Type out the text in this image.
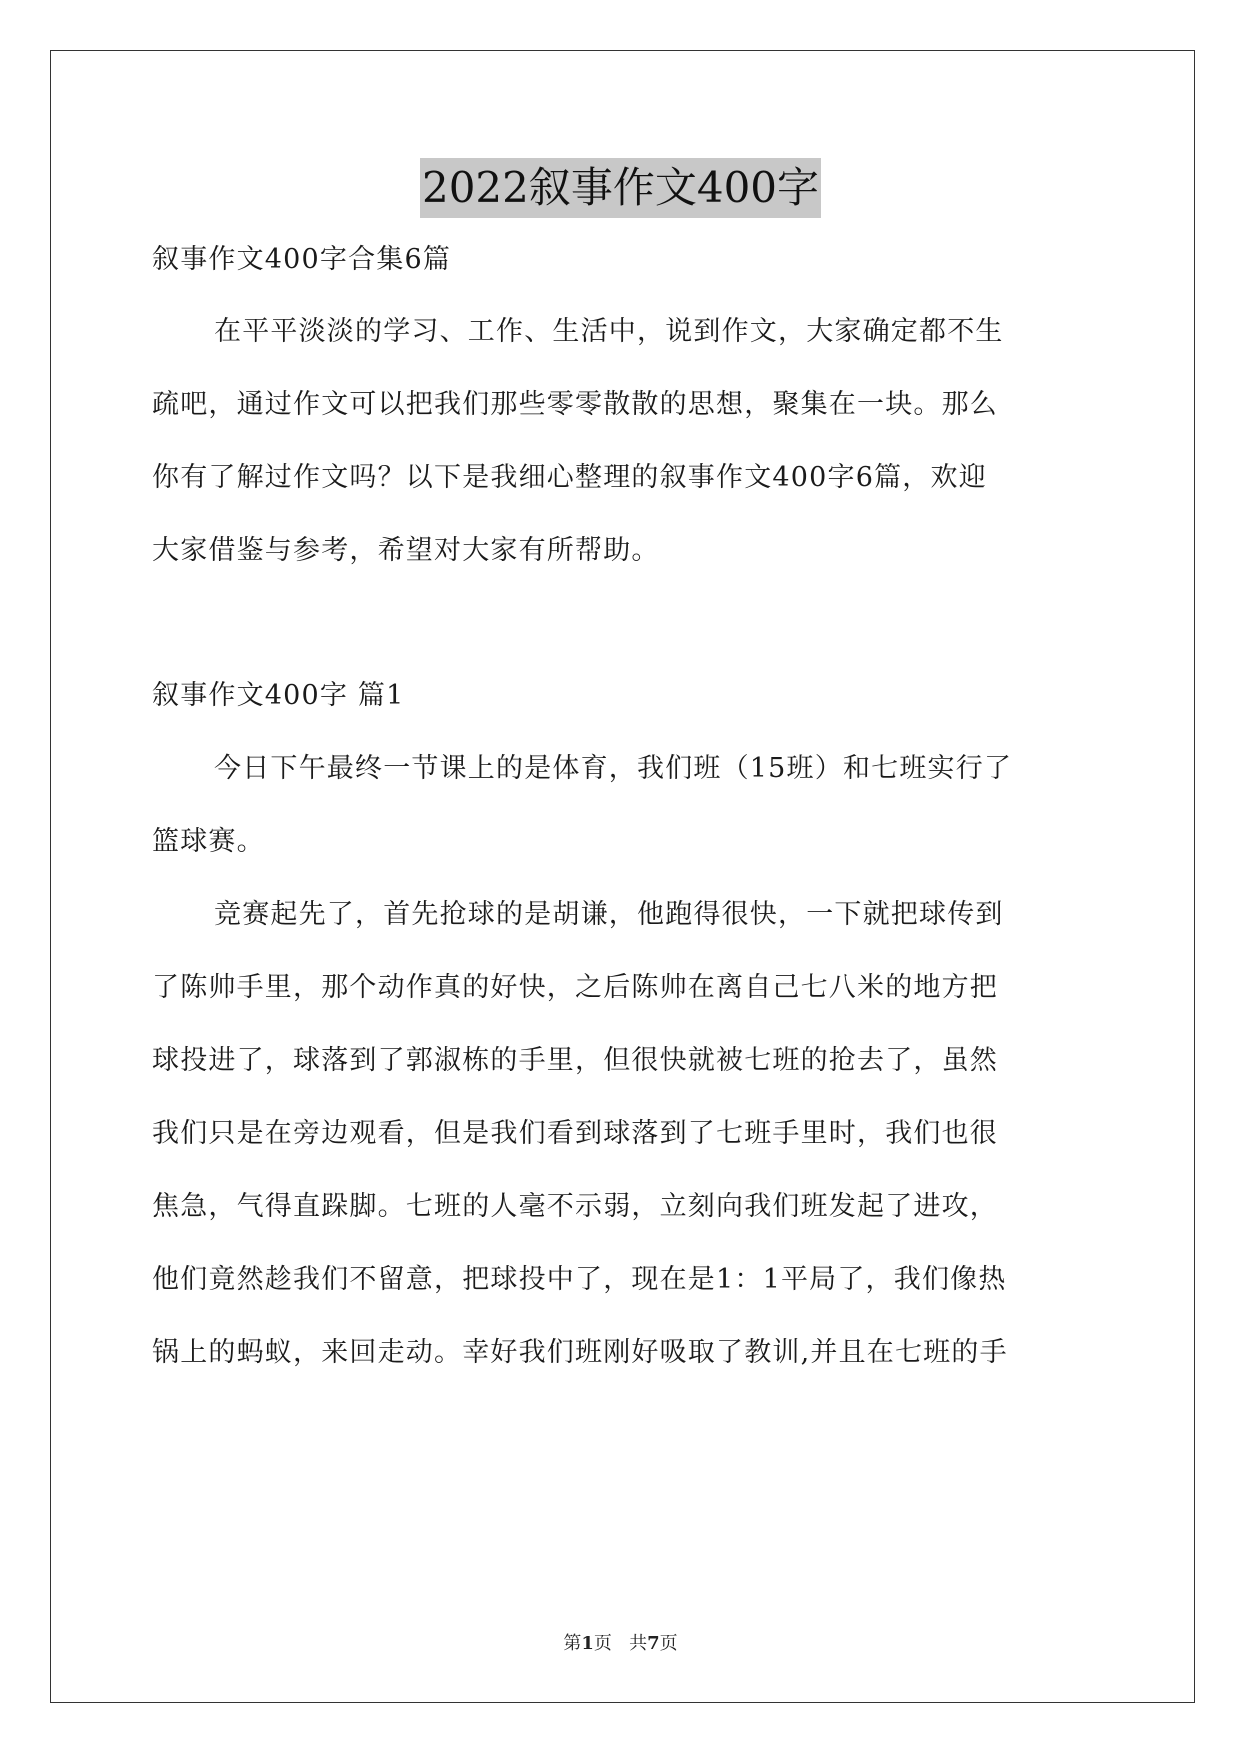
2022叙事作文400字
叙事作文400字合集6篇
在平平淡淡的学习、工作、生活中，说到作文，大家确定都不生
疏吧，通过作文可以把我们那些零零散散的思想，聚集在一块。那么
你有了解过作文吗？以下是我细心整理的叙事作文400字6篇，欢迎
大家借鉴与参考，希望对大家有所帮助。
叙事作文400字 篇1
今日下午最终一节课上的是体育，我们班（15班）和七班实行了
篮球赛。
竞赛起先了，首先抢球的是胡谦，他跑得很快，一下就把球传到
了陈帅手里，那个动作真的好快，之后陈帅在离自己七八米的地方把
球投进了，球落到了郭淑栋的手里，但很快就被七班的抢去了，虽然
我们只是在旁边观看，但是我们看到球落到了七班手里时，我们也很
焦急，气得直跺脚。七班的人毫不示弱，立刻向我们班发起了进攻，
他们竟然趁我们不留意，把球投中了，现在是1：1平局了，我们像热
锅上的蚂蚁，来回走动。幸好我们班刚好吸取了教训,并且在七班的手
第1页 共7页
